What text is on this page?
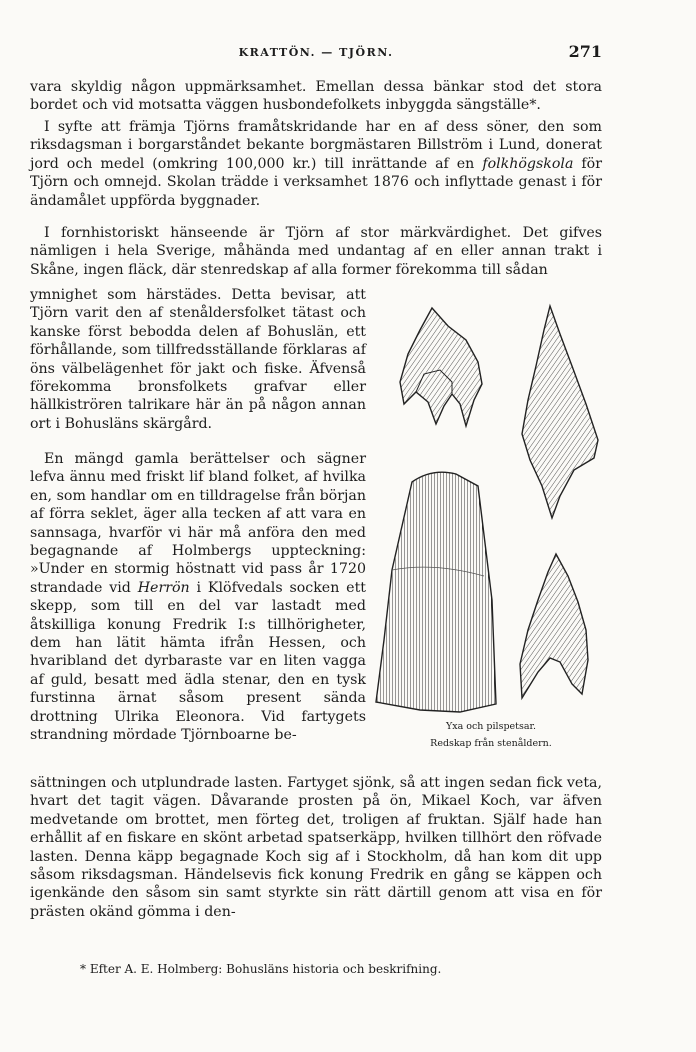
KRATTÖN. — TJÖRN.	271

vara skyldig någon uppmärksamhet. Emellan dessa bänkar stod det stora bordet och vid motsatta väggen husbondefolkets inbyggda sängställe*.

I syfte att främja Tjörns framåtskridande har en af dess söner, den som riksdagsman i borgarståndet bekante borgmästaren Billström i Lund, donerat jord och medel (omkring 100,000 kr.) till inrättande af en folkhögskola för Tjörn och omnejd. Skolan trädde i verksamhet 1876 och inflyttade genast i för ändamålet uppförda byggnader.

I fornhistoriskt hänseende är Tjörn af stor märkvärdighet. Det gifves nämligen i hela Sverige, måhända med undantag af en eller annan trakt i Skåne, ingen fläck, där stenredskap af alla former förekomma till sådan

ymnighet som härstädes. Detta bevisar, att Tjörn varit den af stenåldersfolket tätast och kanske först bebodda delen af Bohuslän, ett förhållande, som tillfredsställande förklaras af öns välbelägenhet för jakt och fiske. Äfvenså förekomma bronsfolkets grafvar eller hällkiströren talrikare här än på någon annan ort i Bohusläns skärgård.

En mängd gamla berättelser och sägner lefva ännu med friskt lif bland folket, af hvilka en, som handlar om en tilldragelse från början af förra seklet, äger alla tecken af att vara en sannsaga, hvarför vi här må anföra den med begagnande af Holmbergs uppteckning: »Under en stormig höstnatt vid pass år 1720 strandade vid Herrön i Klöfvedals socken ett skepp, som till en del var lastadt med åtskilliga konung Fredrik I:s tillhörigheter, dem han lätit hämta ifrån Hessen, och hvaribland det dyrbaraste var en liten vagga af guld, besatt med ädla stenar, den en tysk furstinna ärnat såsom present sända drottning Ulrika Eleonora. Vid fartygets strandning mördade Tjörnboarne be-

sättningen och utplundrade lasten. Fartyget sjönk, så att ingen sedan fick veta, hvart det tagit vägen. Dåvarande prosten på ön, Mikael Koch, var äfven medvetande om brottet, men förteg det, troligen af fruktan. Själf hade han erhållit af en fiskare en skönt arbetad spatserkäpp, hvilken tillhört den röfvade lasten. Denna käpp begagnade Koch sig af i Stockholm, då han kom dit upp såsom riksdagsman. Händelsevis fick konung Fredrik en gång se käppen och igenkände den såsom sin samt styrkte sin rätt därtill genom att visa en för prästen okänd gömma i den-

Yxa och pilspetsar.
Redskap från stenåldern.
* Efter A. E. Holmberg: Bohusläns historia och beskrifning.
